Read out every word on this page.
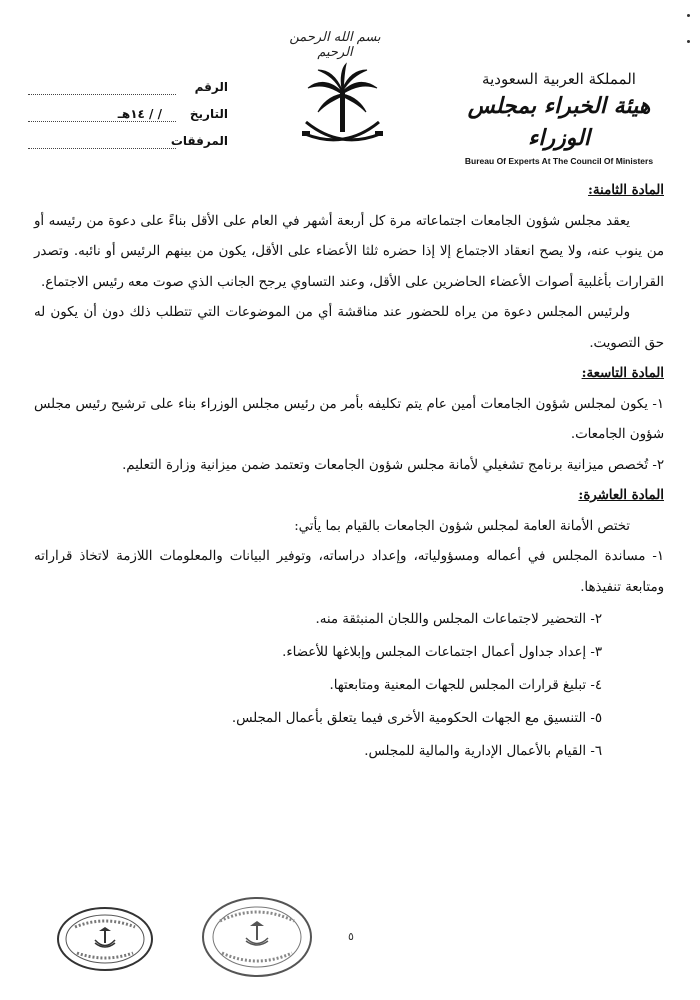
بسم الله الرحمن الرحيم
الرقم
التاريخ
/ / ١٤هـ
المرفقات
المملكة العربية السعودية
هيئة الخبراء بمجلس الوزراء
Bureau Of Experts At The Council Of Ministers

المادة الثامنة:

يعقد مجلس شؤون الجامعات اجتماعاته مرة كل أربعة أشهر في العام على الأقل بناءً على دعوة من رئيسه أو من ينوب عنه، ولا يصح انعقاد الاجتماع إلا إذا حضره ثلثا الأعضاء على الأقل، يكون من بينهم الرئيس أو نائبه. وتصدر القرارات بأغلبية أصوات الأعضاء الحاضرين على الأقل، وعند التساوي يرجح الجانب الذي صوت معه رئيس الاجتماع.

ولرئيس المجلس دعوة من يراه للحضور عند مناقشة أي من الموضوعات التي تتطلب ذلك دون أن يكون له حق التصويت.

المادة التاسعة:

١- يكون لمجلس شؤون الجامعات أمين عام يتم تكليفه بأمر من رئيس مجلس الوزراء بناء على ترشيح رئيس مجلس شؤون الجامعات.

٢- تُخصص ميزانية برنامج تشغيلي لأمانة مجلس شؤون الجامعات وتعتمد ضمن ميزانية وزارة التعليم.

المادة العاشرة:

تختص الأمانة العامة لمجلس شؤون الجامعات بالقيام بما يأتي:

١- مساندة المجلس في أعماله ومسؤولياته، وإعداد دراساته، وتوفير البيانات والمعلومات اللازمة لاتخاذ قراراته ومتابعة تنفيذها.

٢- التحضير لاجتماعات المجلس واللجان المنبثقة منه.

٣- إعداد جداول أعمال اجتماعات المجلس وإبلاغها للأعضاء.

٤- تبليغ قرارات المجلس للجهات المعنية ومتابعتها.

٥- التنسيق مع الجهات الحكومية الأخرى فيما يتعلق بأعمال المجلس.

٦- القيام بالأعمال الإدارية والمالية للمجلس.

٥
